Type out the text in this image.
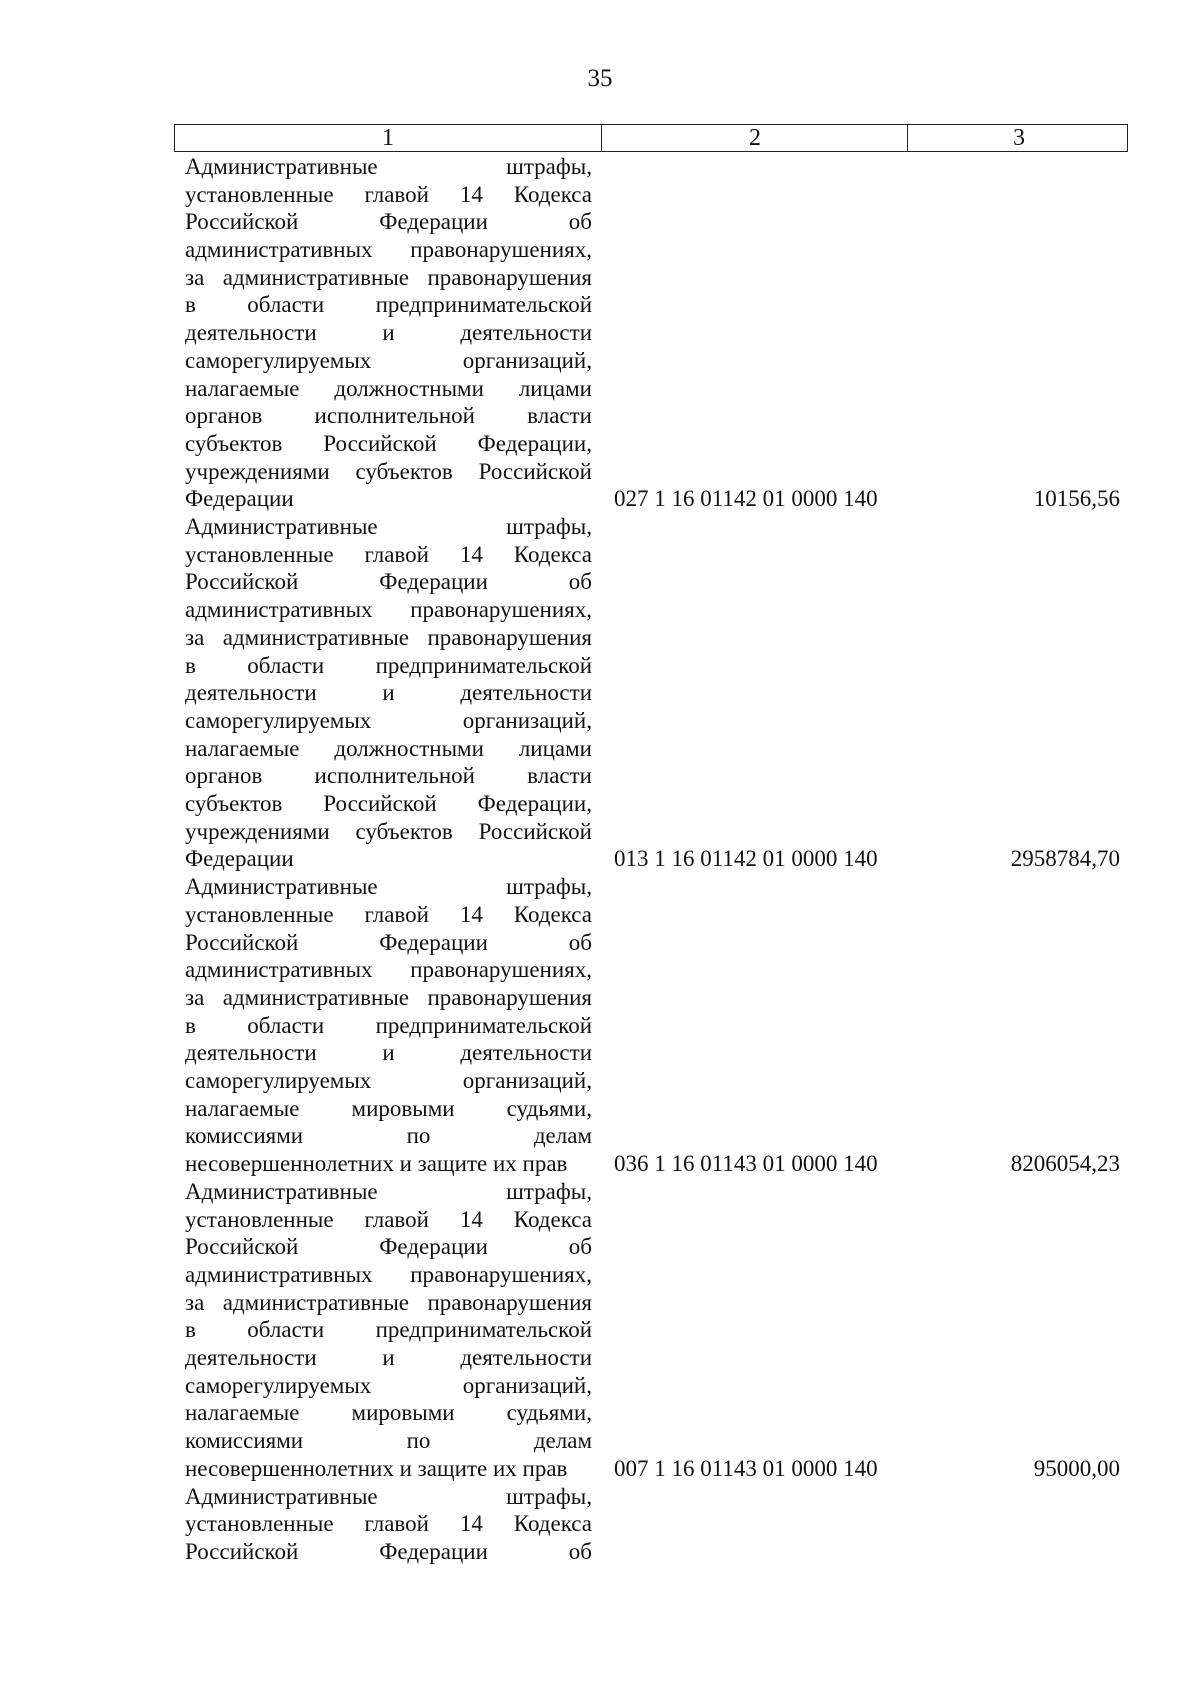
35
1	2	3
Административные штрафы,
установленные главой 14 Кодекса
Российской Федерации об
административных правонарушениях,
за административные правонарушения
в области предпринимательской
деятельности и деятельности
саморегулируемых организаций,
налагаемые должностными лицами
органов исполнительной власти
субъектов Российской Федерации,
учреждениями субъектов Российской
Федерации	027 1 16 01142 01 0000 140	10156,56
Административные штрафы,
установленные главой 14 Кодекса
Российской Федерации об
административных правонарушениях,
за административные правонарушения
в области предпринимательской
деятельности и деятельности
саморегулируемых организаций,
налагаемые должностными лицами
органов исполнительной власти
субъектов Российской Федерации,
учреждениями субъектов Российской
Федерации	013 1 16 01142 01 0000 140	2958784,70
Административные штрафы,
установленные главой 14 Кодекса
Российской Федерации об
административных правонарушениях,
за административные правонарушения
в области предпринимательской
деятельности и деятельности
саморегулируемых организаций,
налагаемые мировыми судьями,
комиссиями по делам
несовершеннолетних и защите их прав	036 1 16 01143 01 0000 140	8206054,23
Административные штрафы,
установленные главой 14 Кодекса
Российской Федерации об
административных правонарушениях,
за административные правонарушения
в области предпринимательской
деятельности и деятельности
саморегулируемых организаций,
налагаемые мировыми судьями,
комиссиями по делам
несовершеннолетних и защите их прав	007 1 16 01143 01 0000 140	95000,00
Административные штрафы,
установленные главой 14 Кодекса
Российской Федерации об
